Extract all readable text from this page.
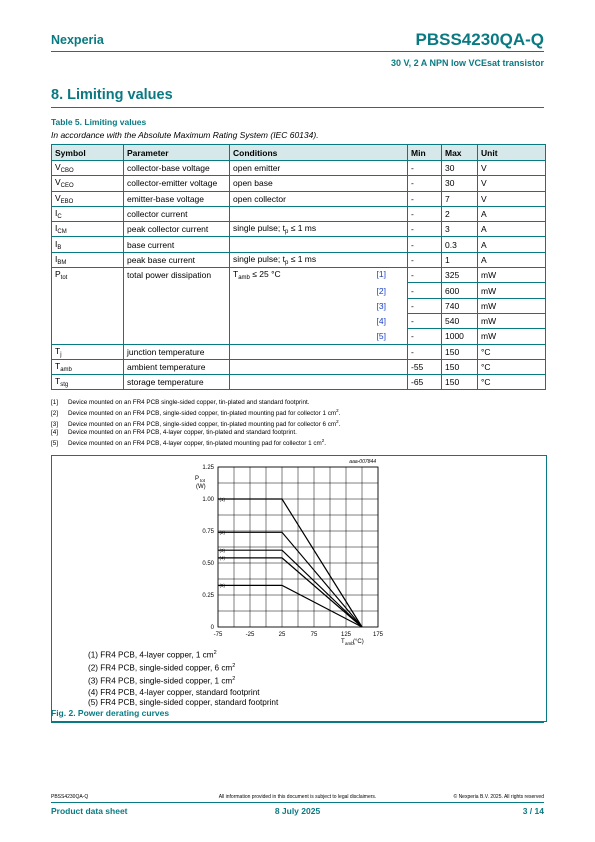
Nexperia	PBSS4230QA-Q
30 V, 2 A NPN low VCEsat transistor
8. Limiting values
Table 5. Limiting values
In accordance with the Absolute Maximum Rating System (IEC 60134).
Symbol	Parameter	Conditions	Min	Max	Unit
$V_{CBO}$	collector-base voltage	open emitter	-	30	V
$V_{CEO}$	collector-emitter voltage	open base	-	30	V
$V_{EBO}$	emitter-base voltage	open collector	-	7	V
$I_C$	collector current		-	2	A
$I_{CM}$	peak collector current	single pulse; $t_p \le 1$ ms	-	3	A
$I_B$	base current		-	0.3	A
$I_{BM}$	peak base current	single pulse; $t_p \le 1$ ms	-	1	A
$P_{tot}$	total power dissipation	$T_{amb} \le 25$ °C [1]	-	325	mW

		[2]	-	600	mW

		[3]	-	740	mW

		[4]	-	540	mW

		[5]	-	1000	mW
$T_j$	junction temperature		-	150	°C
$T_{amb}$	ambient temperature		-55	150	°C
$T_{stg}$	storage temperature		-65	150	°C
[1] Device mounted on an FR4 PCB single-sided copper, tin-plated and standard footprint.
[2] Device mounted on an FR4 PCB, single-sided copper, tin-plated mounting pad for collector 1 $cm^2$.
[3] Device mounted on an FR4 PCB, single-sided copper, tin-plated mounting pad for collector 6 $cm^2$.
[4] Device mounted on an FR4 PCB, 4-layer copper, tin-plated and standard footprint.
[5] Device mounted on an FR4 PCB, 4-layer copper, tin-plated mounting pad for collector 1 $cm^2$.
0
0.25
0.50
0.75
1.00
1.25
-75	-25	25	75	125	175
P tot
(W)
T amb (°C)
aaa-007844
(1)
(2)
(3)
(4)
(5)
(1) FR4 PCB, 4-layer copper, 1 $cm^2$
(2) FR4 PCB, single-sided copper, 6 $cm^2$
(3) FR4 PCB, single-sided copper, 1 $cm^2$
(4) FR4 PCB, 4-layer copper, standard footprint
(5) FR4 PCB, single-sided copper, standard footprint
Fig. 2. Power derating curves
PBSS4230QA-Q	All information provided in this document is subject to legal disclaimers.	© Nexperia B.V. 2025. All rights reserved
Product data sheet	8 July 2025	3 / 14
